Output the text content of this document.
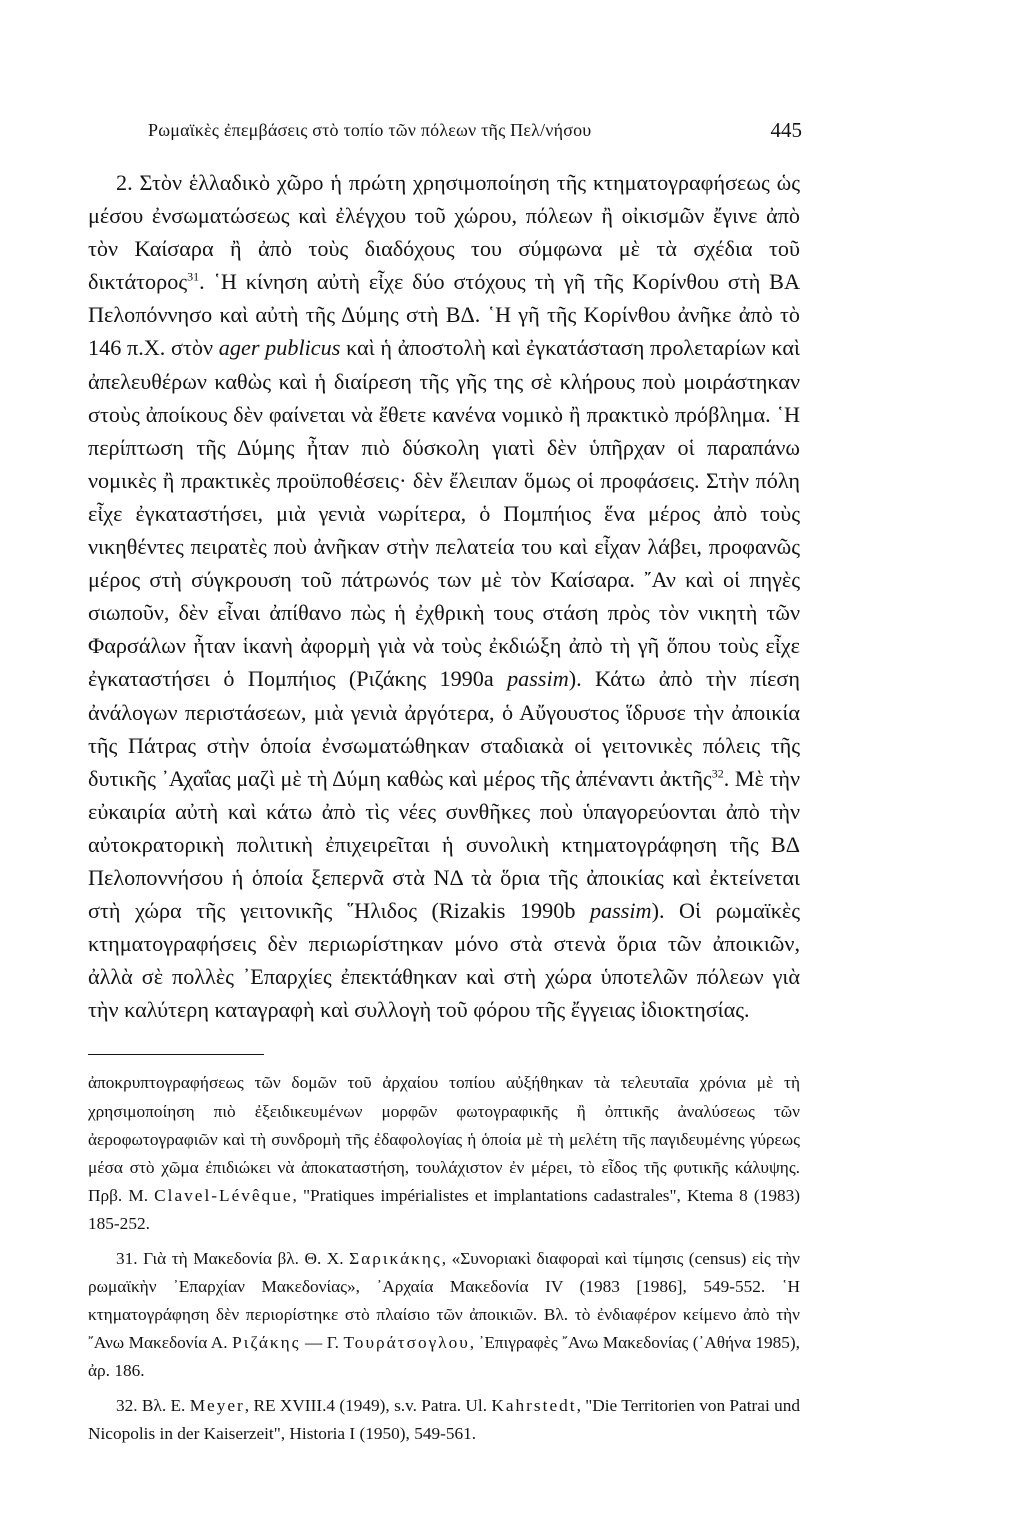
Ρωμαϊκὲς ἐπεμβάσεις στὸ τοπίο τῶν πόλεων τῆς Πελ/νήσου	445
2. Στὸν ἑλλαδικὸ χῶρο ἡ πρώτη χρησιμοποίηση τῆς κτηματογραφήσεως ὡς μέσου ἐνσωματώσεως καὶ ἐλέγχου τοῦ χώρου, πόλεων ἢ οἰκισμῶν ἔγινε ἀπὸ τὸν Καίσαρα ἢ ἀπὸ τοὺς διαδόχους του σύμφωνα μὲ τὰ σχέδια τοῦ δικτάτορος$^{31}$. ῾Η κίνηση αὐτὴ εἶχε δύο στόχους τὴ γῆ τῆς Κορίνθου στὴ ΒΑ Πελοπόννησο καὶ αὐτὴ τῆς Δύμης στὴ ΒΔ. ῾Η γῆ τῆς Κορίνθου ἀνῆκε ἀπὸ τὸ 146 π.Χ. στὸν ager publicus καὶ ἡ ἀποστολὴ καὶ ἐγκατάσταση προλεταρίων καὶ ἀπελευθέρων καθὼς καὶ ἡ διαίρεση τῆς γῆς της σὲ κλήρους ποὺ μοιράστηκαν στοὺς ἀποίκους δὲν φαίνεται νὰ ἔθετε κανένα νομικὸ ἢ πρακτικὸ πρόβλημα. ῾Η περίπτωση τῆς Δύμης ἦταν πιὸ δύσκολη γιατὶ δὲν ὑπῆρχαν οἱ παραπάνω νομικὲς ἢ πρακτικὲς προϋποθέσεις· δὲν ἔλειπαν ὅμως οἱ προφάσεις. Στὴν πόλη εἶχε ἐγκαταστήσει, μιὰ γενιὰ νωρίτερα, ὁ Πομπήιος ἕνα μέρος ἀπὸ τοὺς νικηθέντες πειρατὲς ποὺ ἀνῆκαν στὴν πελατεία του καὶ εἶχαν λάβει, προφανῶς μέρος στὴ σύγκρουση τοῦ πάτρωνός των μὲ τὸν Καίσαρα. ῎Αν καὶ οἱ πηγὲς σιωποῦν, δὲν εἶναι ἀπίθανο πὼς ἡ ἐχθρικὴ τους στάση πρὸς τὸν νικητὴ τῶν Φαρσάλων ἦταν ἱκανὴ ἀφορμὴ γιὰ νὰ τοὺς ἐκδιώξη ἀπὸ τὴ γῆ ὅπου τοὺς εἶχε ἐγκαταστήσει ὁ Πομπήιος (Ριζάκης 1990a passim). Κάτω ἀπὸ τὴν πίεση ἀνάλογων περιστάσεων, μιὰ γενιὰ ἀργότερα, ὁ Αὔγουστος ἵδρυσε τὴν ἀποικία τῆς Πάτρας στὴν ὁποία ἐνσωματώθηκαν σταδιακὰ οἱ γειτονικὲς πόλεις τῆς δυτικῆς ᾿Αχαΐας μαζὶ μὲ τὴ Δύμη καθὼς καὶ μέρος τῆς ἀπέναντι ἀκτῆς$^{32}$. Μὲ τὴν εὐκαιρία αὐτὴ καὶ κάτω ἀπὸ τὶς νέες συνθῆκες ποὺ ὑπαγορεύονται ἀπὸ τὴν αὐτοκρατορικὴ πολιτικὴ ἐπιχειρεῖται ἡ συνολικὴ κτηματογράφηση τῆς ΒΔ Πελοποννήσου ἡ ὁποία ξεπερνᾶ στὰ ΝΔ τὰ ὅρια τῆς ἀποικίας καὶ ἐκτείνεται στὴ χώρα τῆς γειτονικῆς ῞Ηλιδος (Rizakis 1990b passim). Οἱ ρωμαϊκὲς κτηματογραφήσεις δὲν περιωρίστηκαν μόνο στὰ στενὰ ὅρια τῶν ἀποικιῶν, ἀλλὰ σὲ πολλὲς ᾿Επαρχίες ἐπεκτάθηκαν καὶ στὴ χώρα ὑποτελῶν πόλεων γιὰ τὴν καλύτερη καταγραφὴ καὶ συλλογὴ τοῦ φόρου τῆς ἔγγειας ἰδιοκτησίας.

ἀποκρυπτογραφήσεως τῶν δομῶν τοῦ ἀρχαίου τοπίου αὐξήθηκαν τὰ τελευταῖα χρόνια μὲ τὴ χρησιμοποίηση πιὸ ἐξειδικευμένων μορφῶν φωτογραφικῆς ἢ ὀπτικῆς ἀναλύσεως τῶν ἀεροφωτογραφιῶν καὶ τὴ συνδρομὴ τῆς ἐδαφολογίας ἡ ὁποία μὲ τὴ μελέτη τῆς παγιδευμένης γύρεως μέσα στὸ χῶμα ἐπιδιώκει νὰ ἀποκαταστήση, τουλάχιστον ἐν μέρει, τὸ εἶδος τῆς φυτικῆς κάλυψης. Πρβ. Μ. Clavel-Lévêque, "Pratiques impérialistes et implantations cadastrales", Ktema 8 (1983) 185-252.

31. Γιὰ τὴ Μακεδονία βλ. Θ. Χ. Σαρικάκης, «Συνοριακὶ διαφοραὶ καὶ τίμησις (census) εἰς τὴν ρωμαϊκὴν ᾿Επαρχίαν Μακεδονίας», ᾿Αρχαία Μακεδονία IV (1983 [1986], 549-552. ῾Η κτηματογράφηση δὲν περιορίστηκε στὸ πλαίσιο τῶν ἀποικιῶν. Βλ. τὸ ἐνδιαφέρον κείμενο ἀπὸ τὴν ῎Ανω Μακεδονία Α. Ριζάκης — Γ. Τουράτσογλου, ᾿Επιγραφὲς ῎Ανω Μακεδονίας (᾿Αθήνα 1985), ἀρ. 186.

32. Βλ. Ε. Meyer, RE XVIII.4 (1949), s.v. Patra. Ul. Kahrstedt, "Die Territorien von Patrai und Nicopolis in der Kaiserzeit", Historia I (1950), 549-561.
